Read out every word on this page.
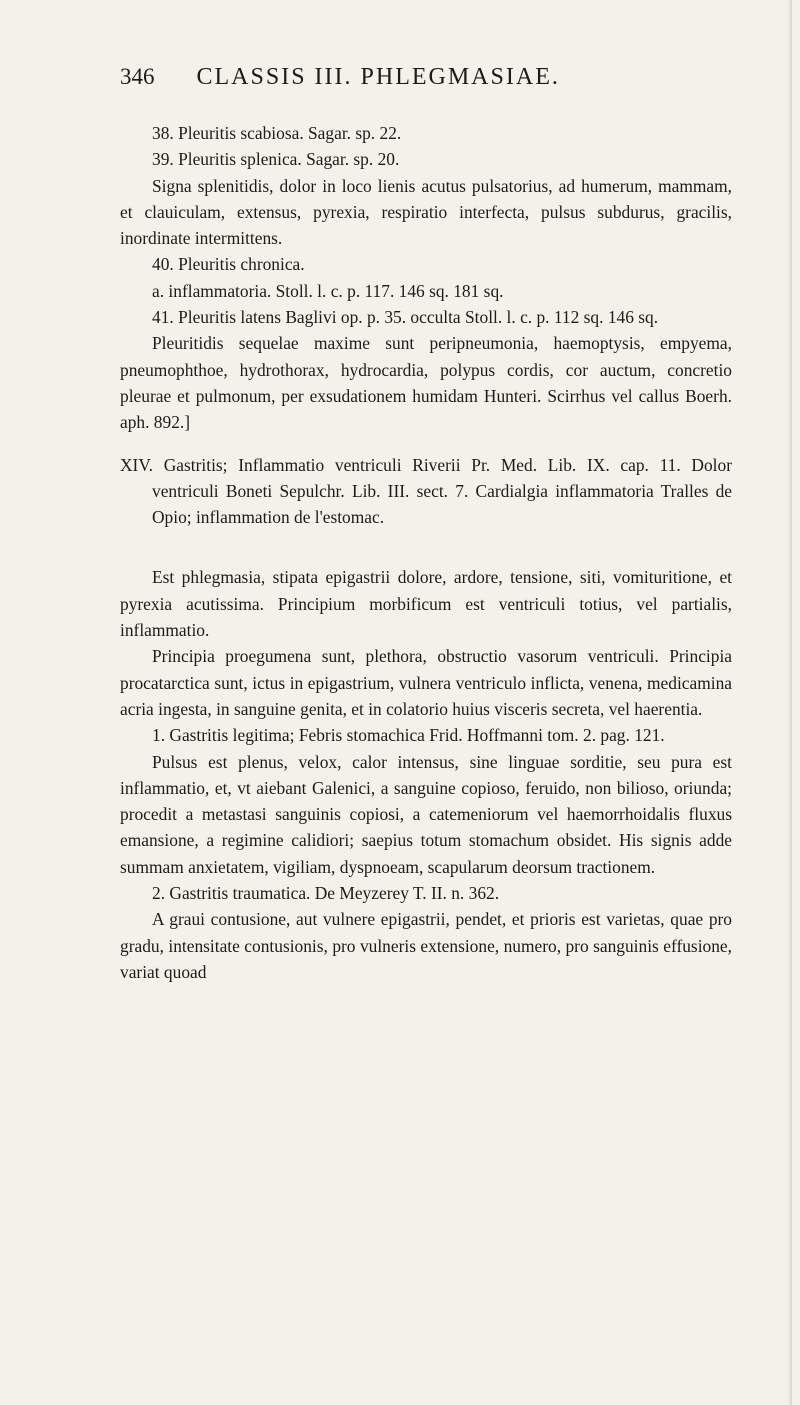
346 CLASSIS III. PHLEGMASIAE.

38. Pleuritis scabiosa. Sagar. sp. 22.

39. Pleuritis splenica. Sagar. sp. 20.

Signa splenitidis, dolor in loco lienis acutus pulsatorius, ad humerum, mammam, et clauiculam, extensus, pyrexia, respiratio interfecta, pulsus subdurus, gracilis, inordinate intermittens.

40. Pleuritis chronica.

a. inflammatoria. Stoll. l. c. p. 117. 146 sq. 181 sq.

41. Pleuritis latens Baglivi op. p. 35. occulta Stoll. l. c. p. 112 sq. 146 sq.

Pleuritidis sequelae maxime sunt peripneumonia, haemoptysis, empyema, pneumophthoe, hydrothorax, hydrocardia, polypus cordis, cor auctum, concretio pleurae et pulmonum, per exsudationem humidam Hunteri. Scirrhus vel callus Boerh. aph. 892.]

XIV. Gastritis; Inflammatio ventriculi Riverii Pr. Med. Lib. IX. cap. 11. Dolor ventriculi Boneti Sepulchr. Lib. III. sect. 7. Cardialgia inflammatoria Tralles de Opio; inflammation de l'estomac.

Est phlegmasia, stipata epigastrii dolore, ardore, tensione, siti, vomituritione, et pyrexia acutissima. Principium morbificum est ventriculi totius, vel partialis, inflammatio.

Principia proegumena sunt, plethora, obstructio vasorum ventriculi. Principia procatarctica sunt, ictus in epigastrium, vulnera ventriculo inflicta, venena, medicamina acria ingesta, in sanguine genita, et in colatorio huius visceris secreta, vel haerentia.

1. Gastritis legitima; Febris stomachica Frid. Hoffmanni tom. 2. pag. 121.

Pulsus est plenus, velox, calor intensus, sine linguae sorditie, seu pura est inflammatio, et, vt aiebant Galenici, a sanguine copioso, feruido, non bilioso, oriunda; procedit a metastasi sanguinis copiosi, a catemeniorum vel haemorrhoidalis fluxus emansione, a regimine calidiori; saepius totum stomachum obsidet. His signis adde summam anxietatem, vigiliam, dyspnoeam, scapularum deorsum tractionem.

2. Gastritis traumatica. De Meyzerey T. II. n. 362.

A graui contusione, aut vulnere epigastrii, pendet, et prioris est varietas, quae pro gradu, intensitate contusionis, pro vulneris extensione, numero, pro sanguinis effusione, variat quoad
